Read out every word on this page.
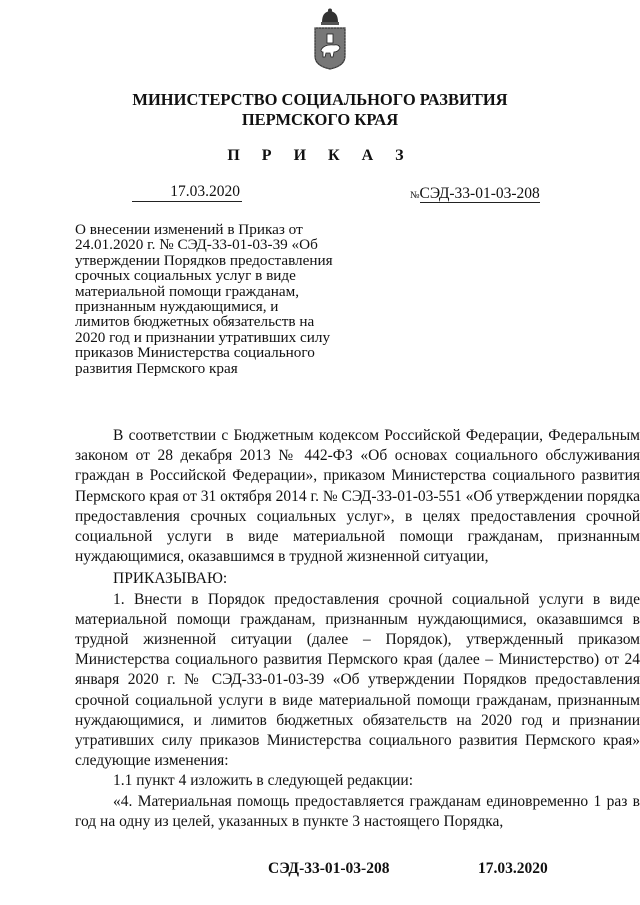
МИНИСТЕРСТВО СОЦИАЛЬНОГО РАЗВИТИЯ
ПЕРМСКОГО КРАЯ
П Р И К А З
17.03.2020	№СЭД-33-01-03-208
О внесении изменений в Приказ от 24.01.2020 г. № СЭД-33-01-03-39 «Об утверждении Порядков предоставления срочных социальных услуг в виде материальной помощи гражданам, признанным нуждающимися, и лимитов бюджетных обязательств на 2020 год и признании утративших силу приказов Министерства социального развития Пермского края

В соответствии с Бюджетным кодексом Российской Федерации, Федеральным законом от 28 декабря 2013 № 442-ФЗ «Об основах социального обслуживания граждан в Российской Федерации», приказом Министерства социального развития Пермского края от 31 октября 2014 г. № СЭД-33-01-03-551 «Об утверждении порядка предоставления срочных социальных услуг», в целях предоставления срочной социальной услуги в виде материальной помощи гражданам, признанным нуждающимися, оказавшимся в трудной жизненной ситуации,

ПРИКАЗЫВАЮ:

1. Внести в Порядок предоставления срочной социальной услуги в виде материальной помощи гражданам, признанным нуждающимися, оказавшимся в трудной жизненной ситуации (далее – Порядок), утвержденный приказом Министерства социального развития Пермского края (далее – Министерство) от 24 января 2020 г. № СЭД-33-01-03-39 «Об утверждении Порядков предоставления срочной социальной услуги в виде материальной помощи гражданам, признанным нуждающимися, и лимитов бюджетных обязательств на 2020 год и признании утративших силу приказов Министерства социального развития Пермского края» следующие изменения:

1.1 пункт 4 изложить в следующей редакции:

«4. Материальная помощь предоставляется гражданам единовременно 1 раз в год на одну из целей, указанных в пункте 3 настоящего Порядка,

СЭД-33-01-03-208	17.03.2020
